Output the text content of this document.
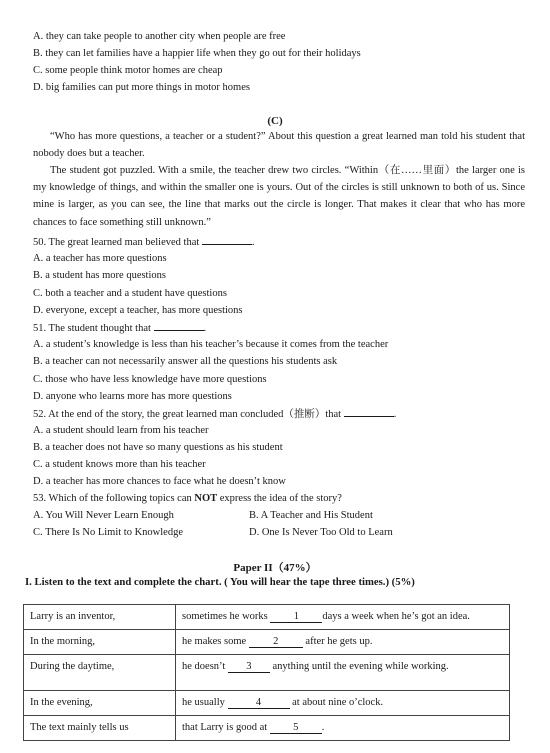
A. they can take people to another city when people are free
B. they can let families have a happier life when they go out for their holidays
C. some people think motor homes are cheap
D. big families can put more things in motor homes
(C)
“Who has more questions, a teacher or a student?” About this question a great learned man told his student that nobody does but a teacher.
The student got puzzled. With a smile, the teacher drew two circles. “Within（在……里面）the larger one is my knowledge of things, and within the smaller one is yours. Out of the circles is still unknown to both of us. Since mine is larger, as you can see, the line that marks out the circle is longer. That makes it clear that who has more chances to face something still unknown.”
50. The great learned man believed that	.
A. a teacher has more questions
B. a student has more questions
C. both a teacher and a student have questions
D. everyone, except a teacher, has more questions
51. The student thought that	.
A. a student’s knowledge is less than his teacher’s because it comes from the teacher
B. a teacher can not necessarily answer all the questions his students ask
C. those who have less knowledge have more questions
D. anyone who learns more has more questions
52. At the end of the story, the great learned man concluded（推断）that	.
A. a student should learn from his teacher
B. a teacher does not have so many questions as his student
C. a student knows more than his teacher
D. a teacher has more chances to face what he doesn’t know
53. Which of the following topics can NOT express the idea of the story?
A. You Will Never Learn Enough	B. A Teacher and His Student
C. There Is No Limit to Knowledge	D. One Is Never Too Old to Learn
Paper II（47%）
I. Listen to the text and complete the chart. ( You will hear the tape three times.) (5%)
Larry is an inventor,	sometimes he works 1 days a week when he’s got an idea.
In the morning,	he makes some 2 after he gets up.
During the daytime,	he doesn’t 3 anything until the evening while working.
In the evening,	he usually 4 at about nine o’clock.
The text mainly tells us	that Larry is good at 5 .
